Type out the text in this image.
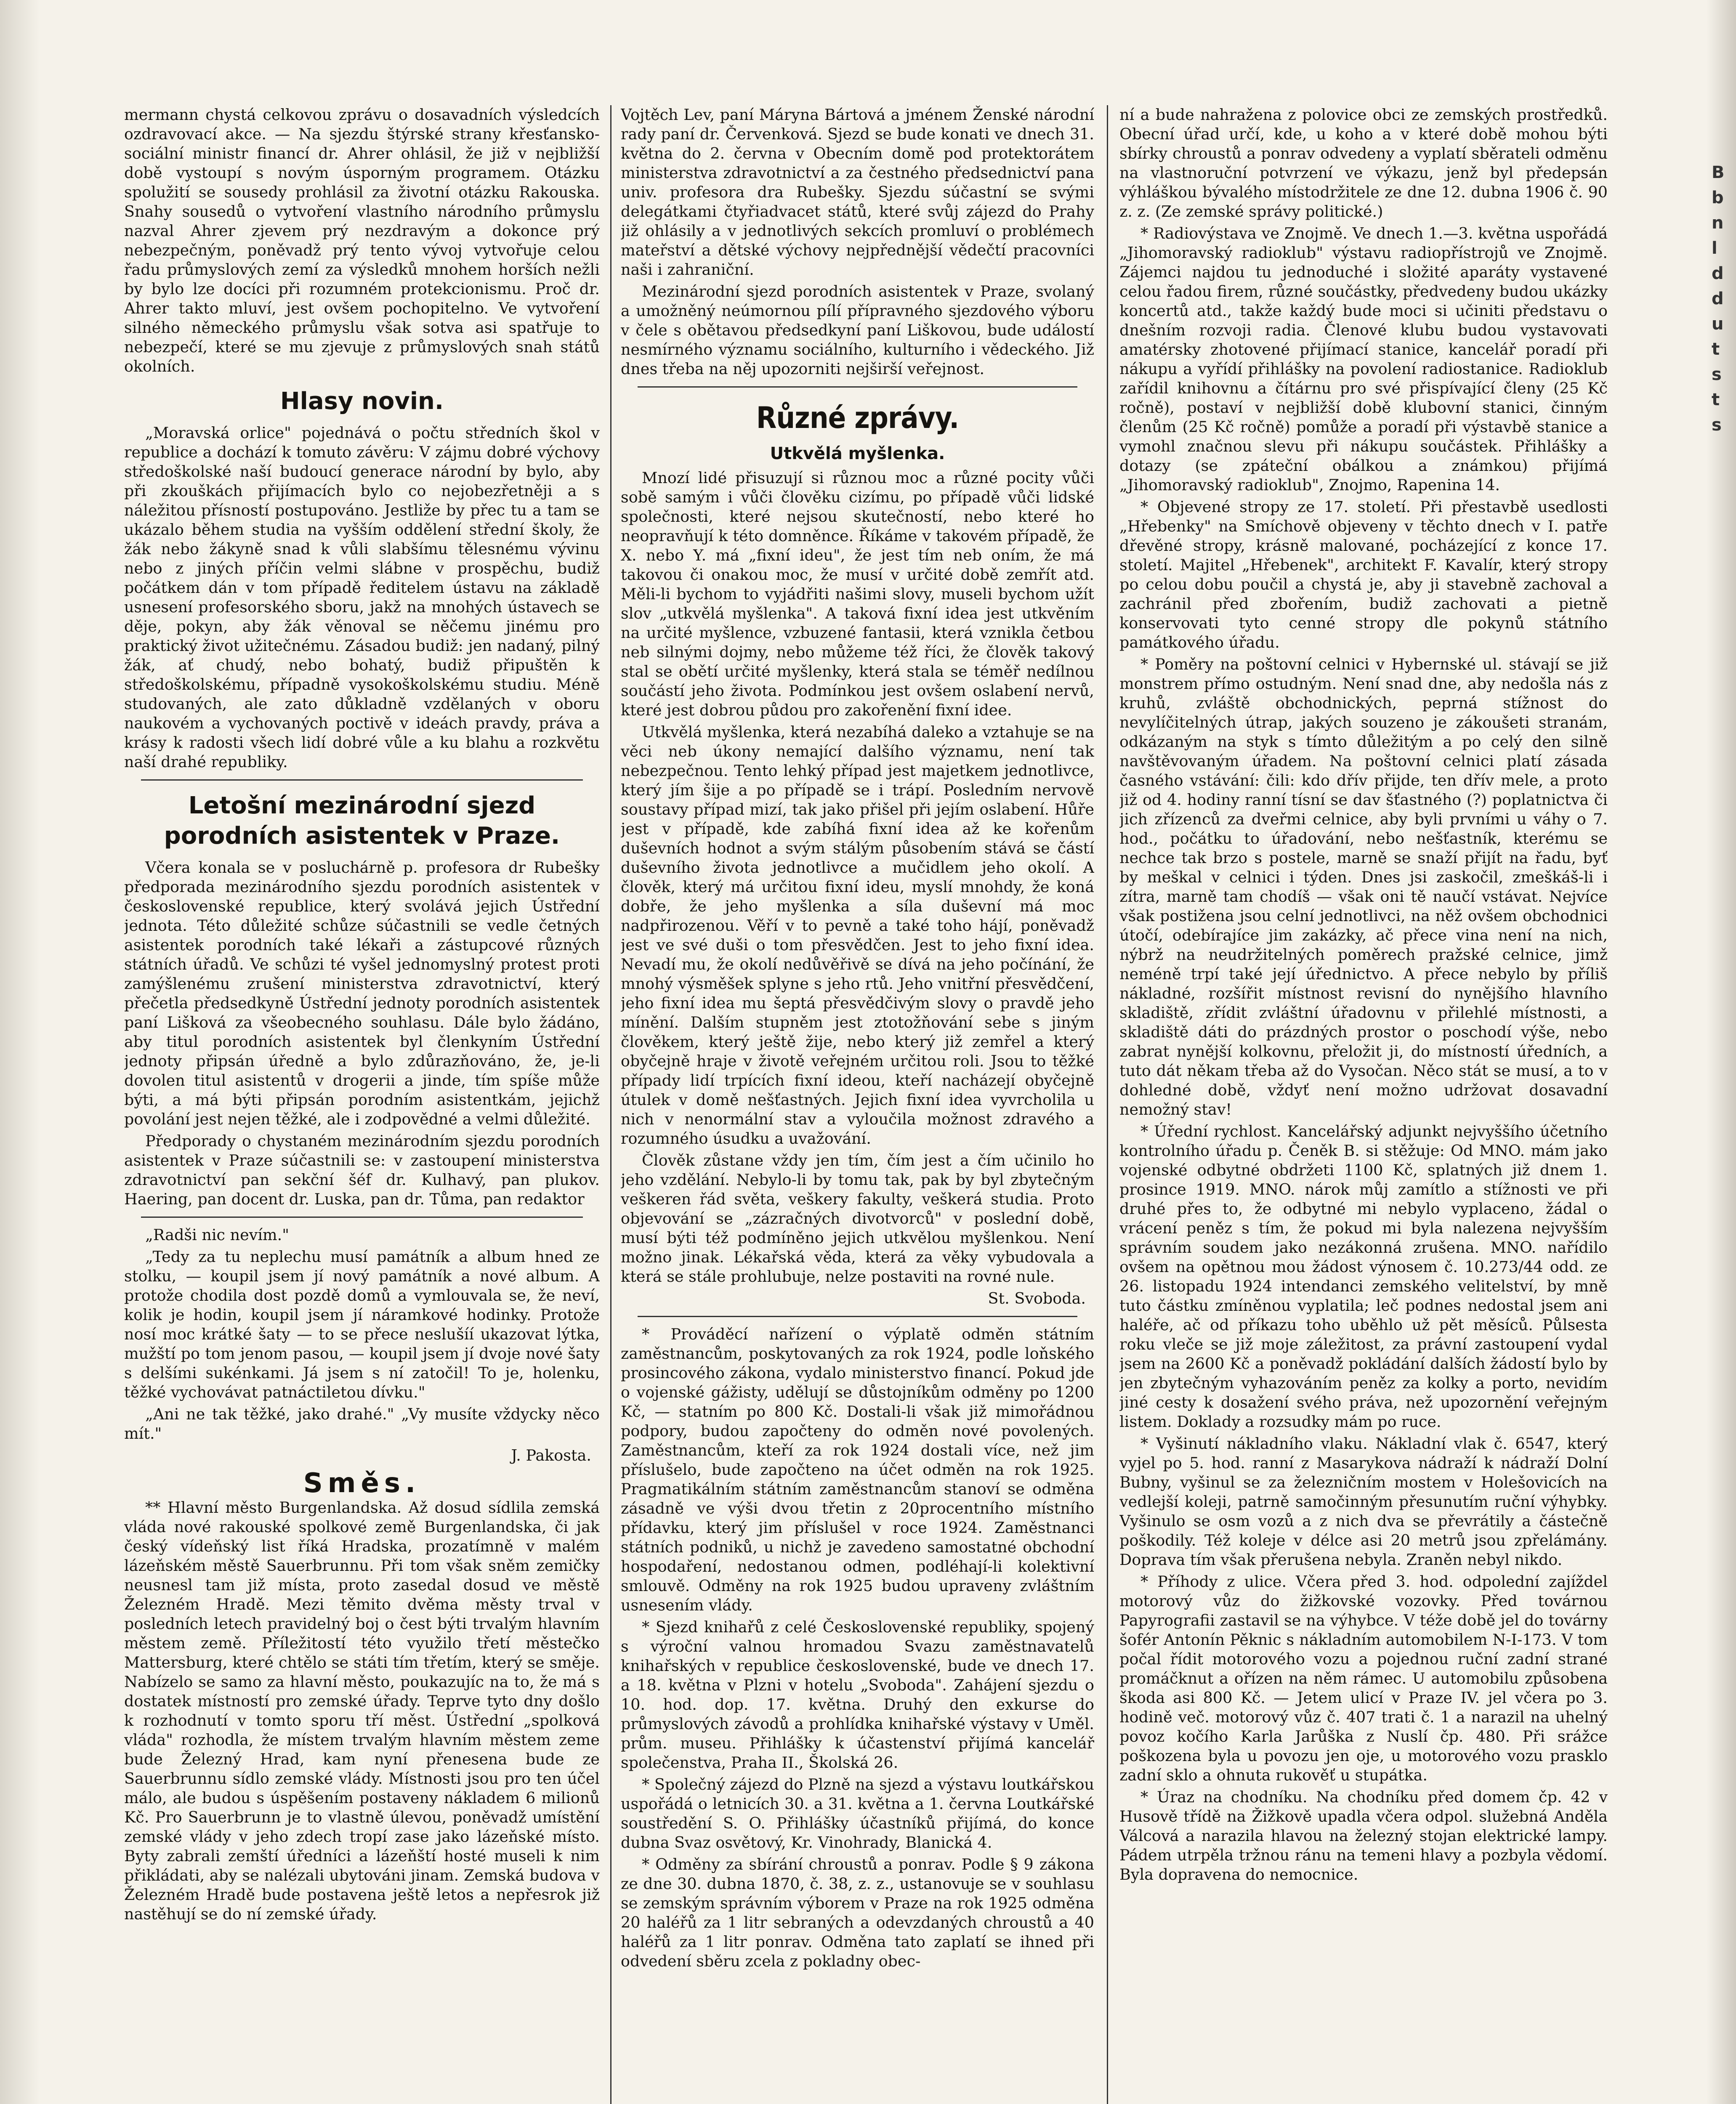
B b n l d d u t s t s

mermann chystá celkovou zprávu o dosavadních výsledcích ozdravovací akce. — Na sjezdu štýrské strany křesťansko-sociální ministr financí dr. Ahrer ohlásil, že již v nejbližší době vystoupí s novým úsporným programem. Otázku spolužití se sousedy prohlásil za životní otázku Rakouska. Snahy sousedů o vytvoření vlastního národního průmyslu nazval Ahrer zjevem prý nezdravým a dokonce prý nebezpečným, poněvadž prý tento vývoj vytvořuje celou řadu průmyslových zemí za výsledků mnohem horších nežli by bylo lze docíci při rozumném protekcionismu. Proč dr. Ahrer takto mluví, jest ovšem pochopitelno. Ve vytvoření silného německého průmyslu však sotva asi spatřuje to nebezpečí, které se mu zjevuje z průmyslových snah států okolních.

Hlasy novin.

„Moravská orlice" pojednává o počtu středních škol v republice a dochází k tomuto závěru: V zájmu dobré výchovy středoškolské naší budoucí generace národní by bylo, aby při zkouškách přijímacích bylo co nejobezřetněji a s náležitou přísností postupováno. Jestliže by přec tu a tam se ukázalo během studia na vyšším oddělení střední školy, že žák nebo žákyně snad k vůli slabšímu tělesnému vývinu nebo z jiných příčin velmi slábne v prospěchu, budiž počátkem dán v tom případě ředitelem ústavu na základě usnesení profesorského sboru, jakž na mnohých ústavech se děje, pokyn, aby žák věnoval se něčemu jinému pro praktický život užitečnému. Zásadou budiž: jen nadaný, pilný žák, ať chudý, nebo bohatý, budiž připuštěn k středoškolskému, případně vysokoškolskému studiu. Méně studovaných, ale zato důkladně vzdělaných v oboru naukovém a vychovaných poctivě v ideách pravdy, práva a krásy k radosti všech lidí dobré vůle a ku blahu a rozkvětu naší drahé republiky.

Letošní mezinárodní sjezd porodních asistentek v Praze.

Včera konala se v posluchárně p. profesora dr Rubešky předporada mezinárodního sjezdu porodních asistentek v československé republice, který svolává jejich Ústřední jednota. Této důležité schůze súčastnili se vedle četných asistentek porodních také lékaři a zástupcové různých státních úřadů. Ve schůzi té vyšel jednomyslný protest proti zamýšlenému zrušení ministerstva zdravotnictví, který přečetla předsedkyně Ústřední jednoty porodních asistentek paní Lišková za všeobecného souhlasu. Dále bylo žádáno, aby titul porodních asistentek byl členkyním Ústřední jednoty připsán úředně a bylo zdůrazňováno, že, je-li dovolen titul asistentů v drogerii a jinde, tím spíše může býti, a má býti připsán porodním asistentkám, jejichž povolání jest nejen těžké, ale i zodpovědné a velmi důležité.

Předporady o chystaném mezinárodním sjezdu porodních asistentek v Praze súčastnili se: v zastoupení ministerstva zdravotnictví pan sekční šéf dr. Kulhavý, pan plukov. Haering, pan docent dr. Luska, pan dr. Tůma, pan redaktor

„Radši nic nevím."

„Tedy za tu neplechu musí památník a album hned ze stolku, — koupil jsem jí nový památník a nové album. A protože chodila dost pozdě domů a vymlouvala se, že neví, kolik je hodin, koupil jsem jí náramkové hodinky. Protože nosí moc krátké šaty — to se přece neslušíí ukazovat lýtka, mužští po tom jenom pasou, — koupil jsem jí dvoje nové šaty s delšími sukénkami. Já jsem s ní zatočil! To je, holenku, těžké vychovávat patnáctiletou dívku."

„Ani ne tak těžké, jako drahé." „Vy musíte vždycky něco mít."

J. Pakosta.
Směs.

** Hlavní město Burgenlandska. Až dosud sídlila zemská vláda nové rakouské spolkové země Burgenlandska, či jak český vídeňský list říká Hradska, prozatímně v malém lázeňském městě Sauerbrunnu. Při tom však sněm zemičky neusnesl tam již místa, proto zasedal dosud ve městě Železném Hradě. Mezi těmito dvěma městy trval v posledních letech pravidelný boj o čest býti trvalým hlavním městem země. Příležitostí této využilo třetí městečko Mattersburg, které chtělo se státi tím třetím, který se směje. Nabízelo se samo za hlavní město, poukazujíc na to, že má s dostatek místností pro zemské úřady. Teprve tyto dny došlo k rozhodnutí v tomto sporu tří měst. Ústřední „spolková vláda" rozhodla, že místem trvalým hlavním městem zeme bude Železný Hrad, kam nyní přenesena bude ze Sauerbrunnu sídlo zemské vlády. Místnosti jsou pro ten účel málo, ale budou s úspěšením postaveny nákladem 6 milionů Kč. Pro Sauerbrunn je to vlastně úlevou, poněvadž umístění zemské vlády v jeho zdech tropí zase jako lázeňské místo. Byty zabrali zemští úředníci a lázeňští hosté museli k nim přikládati, aby se nalézali ubytováni jinam. Zemská budova v Železném Hradě bude postavena ještě letos a nepřesrok již nastěhují se do ní zemské úřady.

Vojtěch Lev, paní Máryna Bártová a jménem Ženské národní rady paní dr. Červenková. Sjezd se bude konati ve dnech 31. května do 2. června v Obecním domě pod protektorátem ministerstva zdravotnictví a za čestného předsednictví pana univ. profesora dra Rubešky. Sjezdu súčastní se svými delegátkami čtyřiadvacet států, které svůj zájezd do Prahy již ohlásily a v jednotlivých sekcích promluví o problémech mateřství a dětské výchovy nejpřednější vědečtí pracovníci naši i zahraniční.

Mezinárodní sjezd porodních asistentek v Praze, svolaný a umožněný neúmornou pílí přípravného sjezdového výboru v čele s obětavou předsedkyní paní Liškovou, bude událostí nesmírného významu sociálního, kulturního i vědeckého. Již dnes třeba na něj upozorniti nejširší veřejnost.

Různé zprávy.
Utkvělá myšlenka.

Mnozí lidé přisuzují si různou moc a různé pocity vůči sobě samým i vůči člověku cizímu, po případě vůči lidské společnosti, které nejsou skutečností, nebo které ho neopravňují k této domněnce. Říkáme v takovém případě, že X. nebo Y. má „fixní ideu", že jest tím neb oním, že má takovou či onakou moc, že musí v určité době zemřít atd. Měli-li bychom to vyjádřiti našimi slovy, museli bychom užít slov „utkvělá myšlenka". A taková fixní idea jest utkvěním na určité myšlence, vzbuzené fantasii, která vznikla četbou neb silnými dojmy, nebo můžeme též říci, že člověk takový stal se obětí určité myšlenky, která stala se téměř nedílnou součástí jeho života. Podmínkou jest ovšem oslabení nervů, které jest dobrou půdou pro zakořenění fixní idee.

Utkvělá myšlenka, která nezabíhá daleko a vztahuje se na věci neb úkony nemající dalšího významu, není tak nebezpečnou. Tento lehký případ jest majetkem jednotlivce, který jím šije a po případě se i trápí. Posledním nervově soustavy případ mizí, tak jako přišel při jejím oslabení. Hůře jest v případě, kde zabíhá fixní idea až ke kořenům duševních hodnot a svým stálým působením stává se částí duševního života jednotlivce a mučidlem jeho okolí. A člověk, který má určitou fixní ideu, myslí mnohdy, že koná dobře, že jeho myšlenka a síla duševní má moc nadpřirozenou. Věří v to pevně a také toho hájí, poněvadž jest ve své duši o tom přesvědčen. Jest to jeho fixní idea. Nevadí mu, že okolí nedůvěřivě se dívá na jeho počínání, že mnohý výsměšek splyne s jeho rtů. Jeho vnitřní přesvědčení, jeho fixní idea mu šeptá přesvědčivým slovy o pravdě jeho mínění. Dalším stupněm jest ztotožňování sebe s jiným člověkem, který ještě žije, nebo který již zemřel a který obyčejně hraje v životě veřejném určitou roli. Jsou to těžké případy lidí trpících fixní ideou, kteří nacházejí obyčejně útulek v domě nešťastných. Jejich fixní idea vyvrcholila u nich v nenormální stav a vyloučila možnost zdravého a rozumného úsudku a uvažování.

Člověk zůstane vždy jen tím, čím jest a čím učinilo ho jeho vzdělání. Nebylo-li by tomu tak, pak by byl zbytečným veškeren řád světa, veškery fakulty, veškerá studia. Proto objevování se „zázračných divotvorců" v poslední době, musí býti též podmíněno jejich utkvělou myšlenkou. Není možno jinak. Lékařská věda, která za věky vybudovala a která se stále prohlubuje, nelze postaviti na rovné nule.

St. Svoboda.

* Prováděcí nařízení o výplatě odměn státním zaměstnancům, poskytovaných za rok 1924, podle loňského prosincového zákona, vydalo ministerstvo financí. Pokud jde o vojenské gážisty, udělují se důstojníkům odměny po 1200 Kč, — statním po 800 Kč. Dostali-li však již mimořádnou podpory, budou započteny do odměn nové povolených. Zaměstnancům, kteří za rok 1924 dostali více, než jim příslušelo, bude započteno na účet odměn na rok 1925. Pragmatikálním státním zaměstnancům stanoví se odměna zásadně ve výši dvou třetin z 20procentního místního přídavku, který jim příslušel v roce 1924. Zaměstnanci státních podniků, u nichž je zavedeno samostatné obchodní hospodaření, nedostanou odmen, podléhají-li kolektivní smlouvě. Odměny na rok 1925 budou upraveny zvláštním usnesením vlády.

* Sjezd knihařů z celé Československé republiky, spojený s výroční valnou hromadou Svazu zaměstnavatelů knihařských v republice československé, bude ve dnech 17. a 18. května v Plzni v hotelu „Svoboda". Zahájení sjezdu o 10. hod. dop. 17. května. Druhý den exkurse do průmyslových závodů a prohlídka knihařské výstavy v Uměl. prům. museu. Přihlášky k účastenství přijímá kancelář společenstva, Praha II., Školská 26.

* Společný zájezd do Plzně na sjezd a výstavu loutkářskou uspořádá o letnicích 30. a 31. května a 1. června Loutkářské soustředění S. O. Přihlášky účastníků přijímá, do konce dubna Svaz osvětový, Kr. Vinohrady, Blanická 4.

* Odměny za sbírání chroustů a ponrav. Podle § 9 zákona ze dne 30. dubna 1870, č. 38, z. z., ustanovuje se v souhlasu se zemským správním výborem v Praze na rok 1925 odměna 20 haléřů za 1 litr sebraných a odevzdaných chroustů a 40 haléřů za 1 litr ponrav. Odměna tato zaplatí se ihned při odvedení sběru zcela z pokladny obec-

ní a bude nahražena z polovice obci ze zemských prostředků. Obecní úřad určí, kde, u koho a v které době mohou býti sbírky chroustů a ponrav odvedeny a vyplatí sběrateli odměnu na vlastnoruční potvrzení ve výkazu, jenž byl předepsán výhláškou bývalého místodržitele ze dne 12. dubna 1906 č. 90 z. z. (Ze zemské správy politické.)

* Radiovýstava ve Znojmě. Ve dnech 1.—3. května uspořádá „Jihomoravský radioklub" výstavu radiopřístrojů ve Znojmě. Zájemci najdou tu jednoduché i složité aparáty vystavené celou řadou firem, různé součástky, předvedeny budou ukázky koncertů atd., takže každý bude moci si učiniti představu o dnešním rozvoji radia. Členové klubu budou vystavovati amatérsky zhotovené přijímací stanice, kancelář poradí při nákupu a vyřídí přihlášky na povolení radiostanice. Radioklub zařídil knihovnu a čítárnu pro své přispívající členy (25 Kč ročně), postaví v nejbližší době klubovní stanici, činným členům (25 Kč ročně) pomůže a poradí při výstavbě stanice a vymohl značnou slevu při nákupu součástek. Přihlášky a dotazy (se zpáteční obálkou a známkou) přijímá „Jihomoravský radioklub", Znojmo, Rapenina 14.

* Objevené stropy ze 17. století. Při přestavbě usedlosti „Hřebenky" na Smíchově objeveny v těchto dnech v I. patře dřevěné stropy, krásně malované, pocházející z konce 17. století. Majitel „Hřebenek", architekt F. Kavalír, který stropy po celou dobu poučil a chystá je, aby ji stavebně zachoval a zachránil před zbořením, budiž zachovati a pietně konservovati tyto cenné stropy dle pokynů státního památkového úřadu.

* Poměry na poštovní celnici v Hybernské ul. stávají se již monstrem přímo ostudným. Není snad dne, aby nedošla nás z kruhů, zvláště obchodnických, peprná stížnost do nevylíčitelných útrap, jakých souzeno je zákoušeti stranám, odkázaným na styk s tímto důležitým a po celý den silně navštěvovaným úřadem. Na poštovní celnici platí zásada časného vstávání: čili: kdo dřív přijde, ten dřív mele, a proto již od 4. hodiny ranní tísní se dav šťastného (?) poplatnictva či jich zřízenců za dveřmi celnice, aby byli prvními u váhy o 7. hod., počátku to úřadování, nebo nešťastník, kterému se nechce tak brzo s postele, marně se snaží přijít na řadu, byť by meškal v celnici i týden. Dnes jsi zaskočil, zmeškáš-li i zítra, marně tam chodíš — však oni tě naučí vstávat. Nejvíce však postižena jsou celní jednotlivci, na něž ovšem obchodnici útočí, odebírajíce jim zakázky, ač přece vina není na nich, nýbrž na neudržitelných poměrech pražské celnice, jimž neméně trpí také její úřednictvo. A přece nebylo by příliš nákladné, rozšířit místnost revisní do nynějšího hlavního skladiště, zřídit zvláštní úřadovnu v přilehlé místnosti, a skladiště dáti do prázdných prostor o poschodí výše, nebo zabrat nynější kolkovnu, přeložit ji, do místností úředních, a tuto dát někam třeba až do Vysočan. Něco stát se musí, a to v dohledné době, vždyť není možno udržovat dosavadní nemožný stav!

* Úřední rychlost. Kancelářský adjunkt nejvyššího účetního kontrolního úřadu p. Čeněk B. si stěžuje: Od MNO. mám jako vojenské odbytné obdržeti 1100 Kč, splatných již dnem 1. prosince 1919. MNO. nárok můj zamítlo a stížnosti ve při druhé přes to, že odbytné mi nebylo vyplaceno, žádal o vrácení peněz s tím, že pokud mi byla nalezena nejvyšším správním soudem jako nezákonná zrušena. MNO. nařídilo ovšem na opětnou mou žádost výnosem č. 10.273/44 odd. ze 26. listopadu 1924 intendanci zemského velitelství, by mně tuto částku zmíněnou vyplatila; leč podnes nedostal jsem ani haléře, ač od příkazu toho uběhlo už pět měsíců. Půlsesta roku vleče se již moje záležitost, za právní zastoupení vydal jsem na 2600 Kč a poněvadž pokládání dalších žádostí bylo by jen zbytečným vyhazováním peněz za kolky a porto, nevidím jiné cesty k dosažení svého práva, než upozornění veřejným listem. Doklady a rozsudky mám po ruce.

* Vyšinutí nákladního vlaku. Nákladní vlak č. 6547, který vyjel po 5. hod. ranní z Masarykova nádraží k nádraží Dolní Bubny, vyšinul se za železničním mostem v Holešovicích na vedlejší koleji, patrně samočinným přesunutím ruční výhybky. Vyšinulo se osm vozů a z nich dva se převrátily a částečně poškodily. Též koleje v délce asi 20 metrů jsou zpřelámány. Doprava tím však přerušena nebyla. Zraněn nebyl nikdo.

* Příhody z ulice. Včera před 3. hod. odpolední zajíždel motorový vůz do žižkovské vozovky. Před továrnou Papyrografii zastavil se na výhybce. V téže době jel do továrny šofér Antonín Pěknic s nákladním automobilem N-I-173. V tom počal řídit motorového vozu a pojednou ruční zadní strané promáčknut a ořízen na něm rámec. U automobilu způsobena škoda asi 800 Kč. — Jetem ulicí v Praze IV. jel včera po 3. hodině več. motorový vůz č. 407 trati č. 1 a narazil na uhelný povoz kočího Karla Jarůška z Nuslí čp. 480. Při srážce poškozena byla u povozu jen oje, u motorového vozu prasklo zadní sklo a ohnuta rukověť u stupátka.

* Úraz na chodníku. Na chodníku před domem čp. 42 v Husově třídě na Žižkově upadla včera odpol. služebná Anděla Válcová a narazila hlavou na železný stojan elektrické lampy. Pádem utrpěla tržnou ránu na temeni hlavy a pozbyla vědomí. Byla dopravena do nemocnice.
